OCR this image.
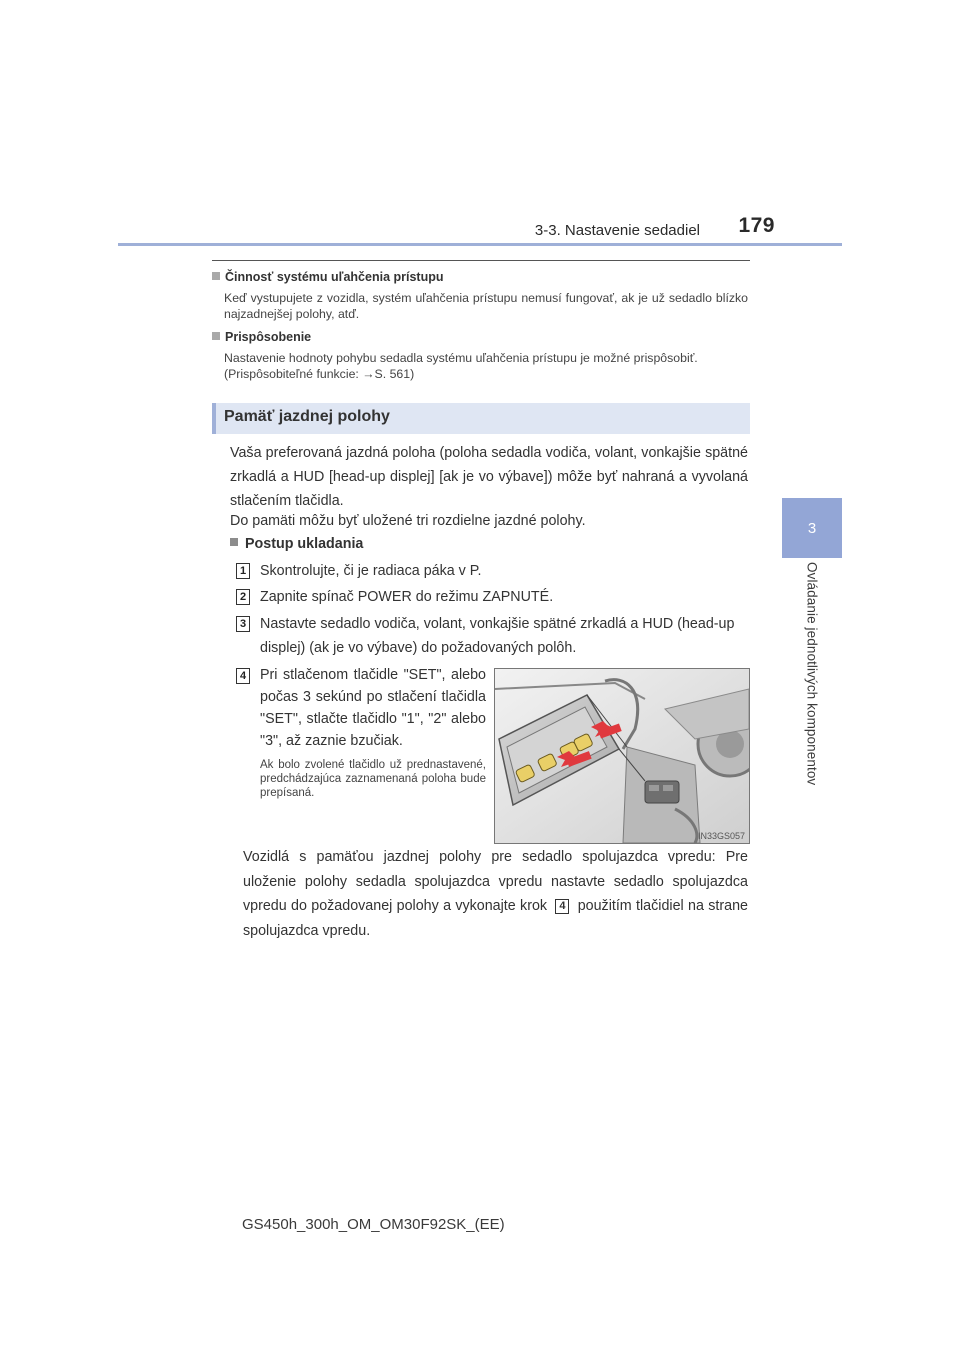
3-3. Nastavenie sedadiel	179
3
Ovládanie jednotlivých komponentov
Činnosť systému uľahčenia prístupu
Keď vystupujete z vozidla, systém uľahčenia prístupu nemusí fungovať, ak je už sedadlo blízko najzadnejšej polohy, atď.
Prispôsobenie
Nastavenie hodnoty pohybu sedadla systému uľahčenia prístupu je možné prispôsobiť.
(Prispôsobiteľné funkcie: →S. 561)
Pamäť jazdnej polohy
Vaša preferovaná jazdná poloha (poloha sedadla vodiča, volant, vonkajšie spätné zrkadlá a HUD [head-up displej] [ak je vo výbave]) môže byť nahraná a vyvolaná stlačením tlačidla.
Do pamäti môžu byť uložené tri rozdielne jazdné polohy.
Postup ukladania
1 Skontrolujte, či je radiaca páka v P.
2 Zapnite spínač POWER do režimu ZAPNUTÉ.
3 Nastavte sedadlo vodiča, volant, vonkajšie spätné zrkadlá a HUD (head-up displej) (ak je vo výbave) do požadovaných polôh.
4 Pri stlačenom tlačidle "SET", alebo počas 3 sekúnd po stlačení tlačidla "SET", stlačte tlačidlo "1", "2" alebo "3", až zaznie bzučiak.
Ak bolo zvolené tlačidlo už prednastavené, predchádzajúca zaznamenaná poloha bude prepísaná.
IN33GS057
Vozidlá s pamäťou jazdnej polohy pre sedadlo spolujazdca vpredu: Pre uloženie polohy sedadla spolujazdca vpredu nastavte sedadlo spolujazdca vpredu do požadovanej polohy a vykonajte krok 4 použitím tlačidiel na strane spolujazdca vpredu.
GS450h_300h_OM_OM30F92SK_(EE)
